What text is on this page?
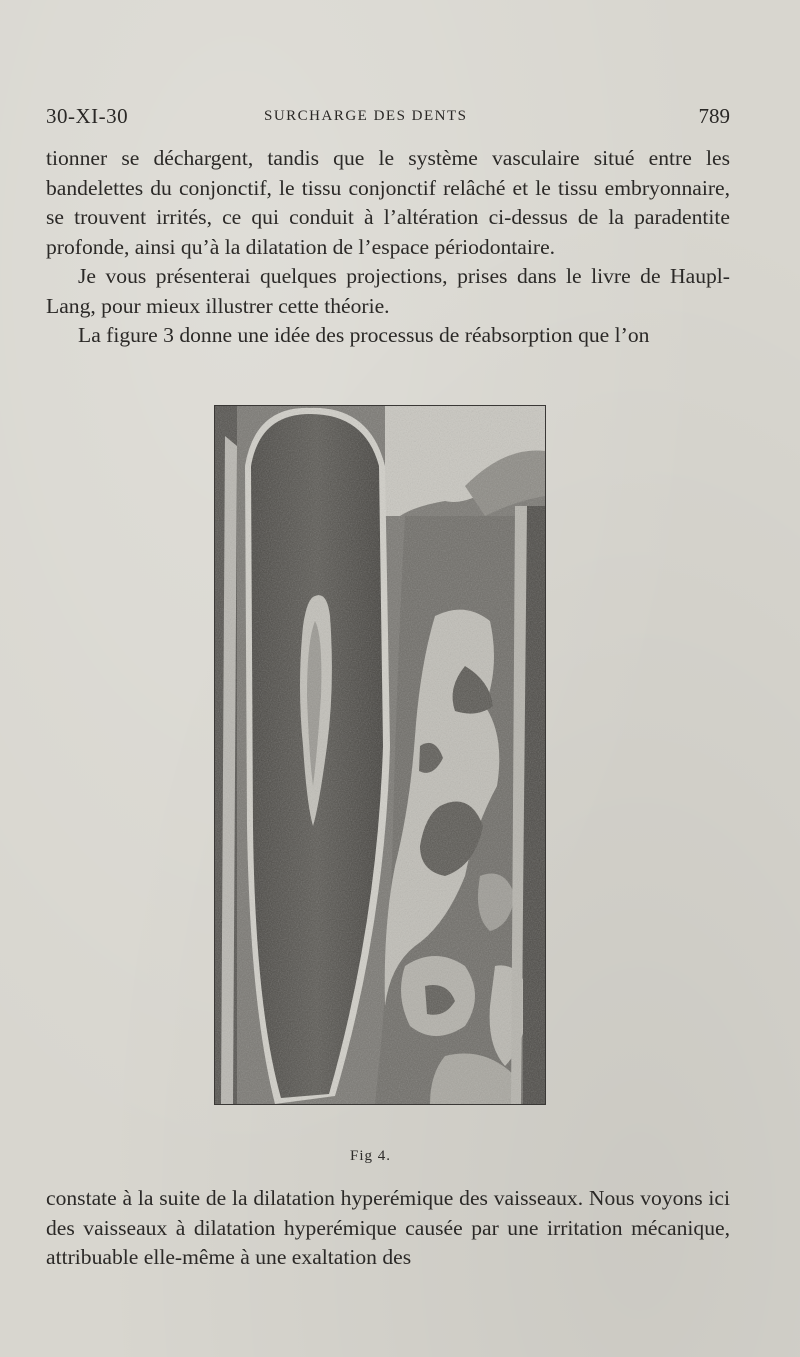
30-XI-30	SURCHARGE DES DENTS	789

tionner se déchargent, tandis que le système vasculaire situé entre les bandelettes du conjonctif, le tissu conjonctif relâché et le tissu embryonnaire, se trouvent irrités, ce qui conduit à l’altération ci-dessus de la paradentite profonde, ainsi qu’à la dilatation de l’espace périodontaire.

Je vous présenterai quelques projections, prises dans le livre de Haupl-Lang, pour mieux illustrer cette théorie.

La figure 3 donne une idée des processus de réabsorption que l’on

Fig 4.

constate à la suite de la dilatation hyperémique des vaisseaux. Nous voyons ici des vaisseaux à dilatation hyperémique causée par une irritation mécanique, attribuable elle-même à une exaltation des
